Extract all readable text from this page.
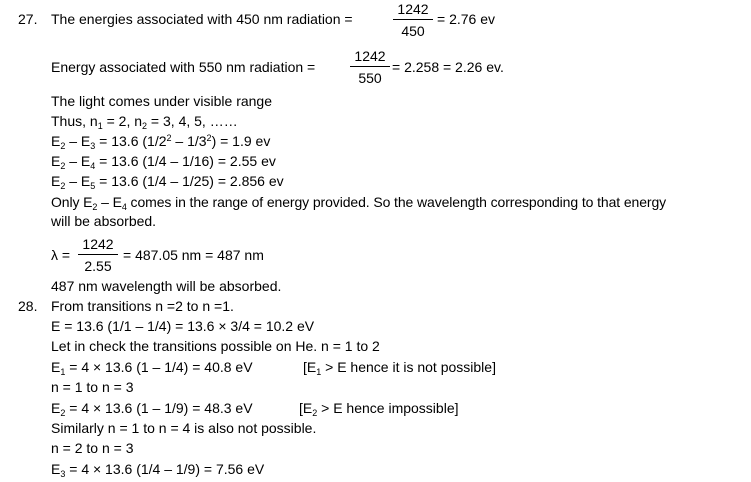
27. The energies associated with 450 nm radiation =	$\frac{1242}{450} = 2.76$ ev
Energy associated with 550 nm radiation = $\frac{1242}{550} = 2.258 = 2.26$ ev.
The light comes under visible range
Thus, $n_1 = 2$, $n_2 = 3$, 4, 5, ……
$E_2 - E_3 = 13.6$ $(1/2^2 - 1/3^2) = 1.9$ ev
$E_2 - E_4 = 13.6$ (1/4 – 1/16) = 2.55 ev
$E_2 - E_5 = 13.6$ (1/4 – 1/25) = 2.856 ev
Only $E_2 - E_4$ comes in the range of energy provided. So the wavelength corresponding to that energy
will be absorbed.
$\lambda = \frac{1242}{2.55} = 487.05$ nm = 487 nm
487 nm wavelength will be absorbed.
28. From transitions n =2 to n =1.
E = 13.6 (1/1 – 1/4) = 13.6 × 3/4 = 10.2 eV
Let in check the transitions possible on He. n = 1 to 2
$E_1 = 4 \times 13.6$ (1 – 1/4) = 40.8 eV	[$E_1 > E$ hence it is not possible]
n = 1 to n = 3
$E_2 = 4 \times 13.6$ (1 – 1/9) = 48.3 eV	[$E_2 > E$ hence impossible]
Similarly n = 1 to n = 4 is also not possible.
n = 2 to n = 3
$E_3 = 4 \times 13.6$ (1/4 – 1/9) = 7.56 eV
